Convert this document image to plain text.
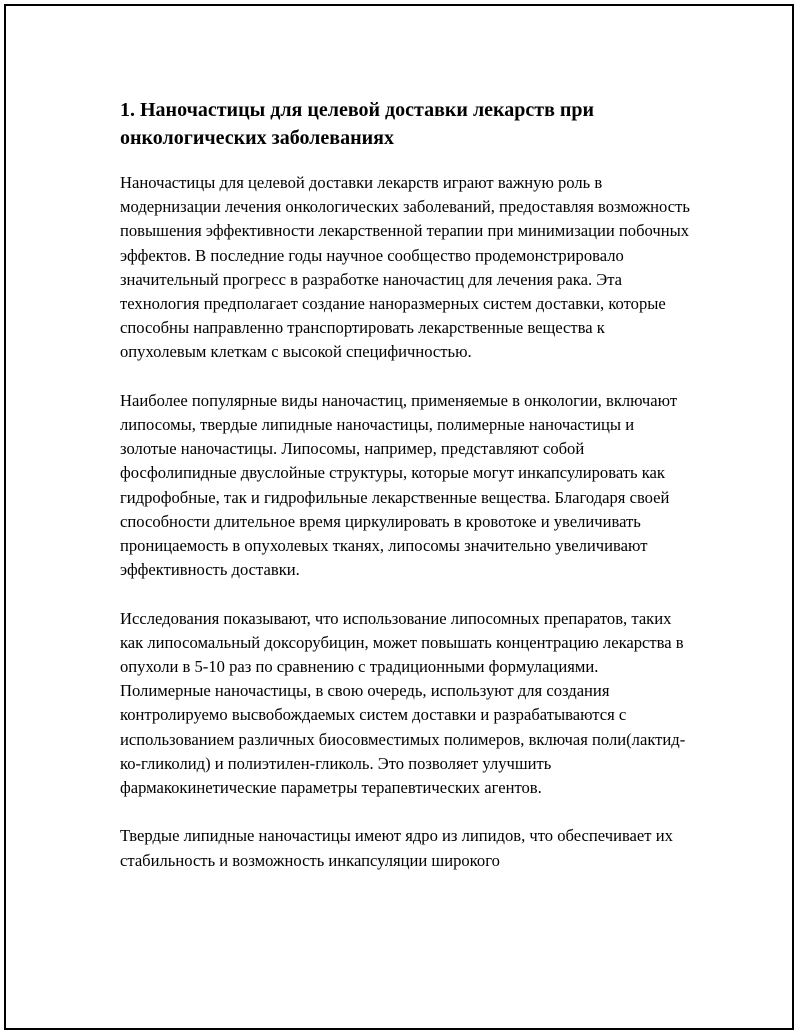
1. Наночастицы для целевой доставки лекарств при онкологических заболеваниях

Наночастицы для целевой доставки лекарств играют важную роль в модернизации лечения онкологических заболеваний, предоставляя возможность повышения эффективности лекарственной терапии при минимизации побочных эффектов. В последние годы научное сообщество продемонстрировало значительный прогресс в разработке наночастиц для лечения рака. Эта технология предполагает создание наноразмерных систем доставки, которые способны направленно транспортировать лекарственные вещества к опухолевым клеткам с высокой специфичностью.

Наиболее популярные виды наночастиц, применяемые в онкологии, включают липосомы, твердые липидные наночастицы, полимерные наночастицы и золотые наночастицы. Липосомы, например, представляют собой фосфолипидные двуслойные структуры, которые могут инкапсулировать как гидрофобные, так и гидрофильные лекарственные вещества. Благодаря своей способности длительное время циркулировать в кровотоке и увеличивать проницаемость в опухолевых тканях, липосомы значительно увеличивают эффективность доставки.

Исследования показывают, что использование липосомных препаратов, таких как липосомальный доксорубицин, может повышать концентрацию лекарства в опухоли в 5-10 раз по сравнению с традиционными формулациями. Полимерные наночастицы, в свою очередь, используют для создания контролируемо высвобождаемых систем доставки и разрабатываются с использованием различных биосовместимых полимеров, включая поли(лактид-ко-гликолид) и полиэтилен-гликоль. Это позволяет улучшить фармакокинетические параметры терапевтических агентов.

Твердые липидные наночастицы имеют ядро из липидов, что обеспечивает их стабильность и возможность инкапсуляции широкого
